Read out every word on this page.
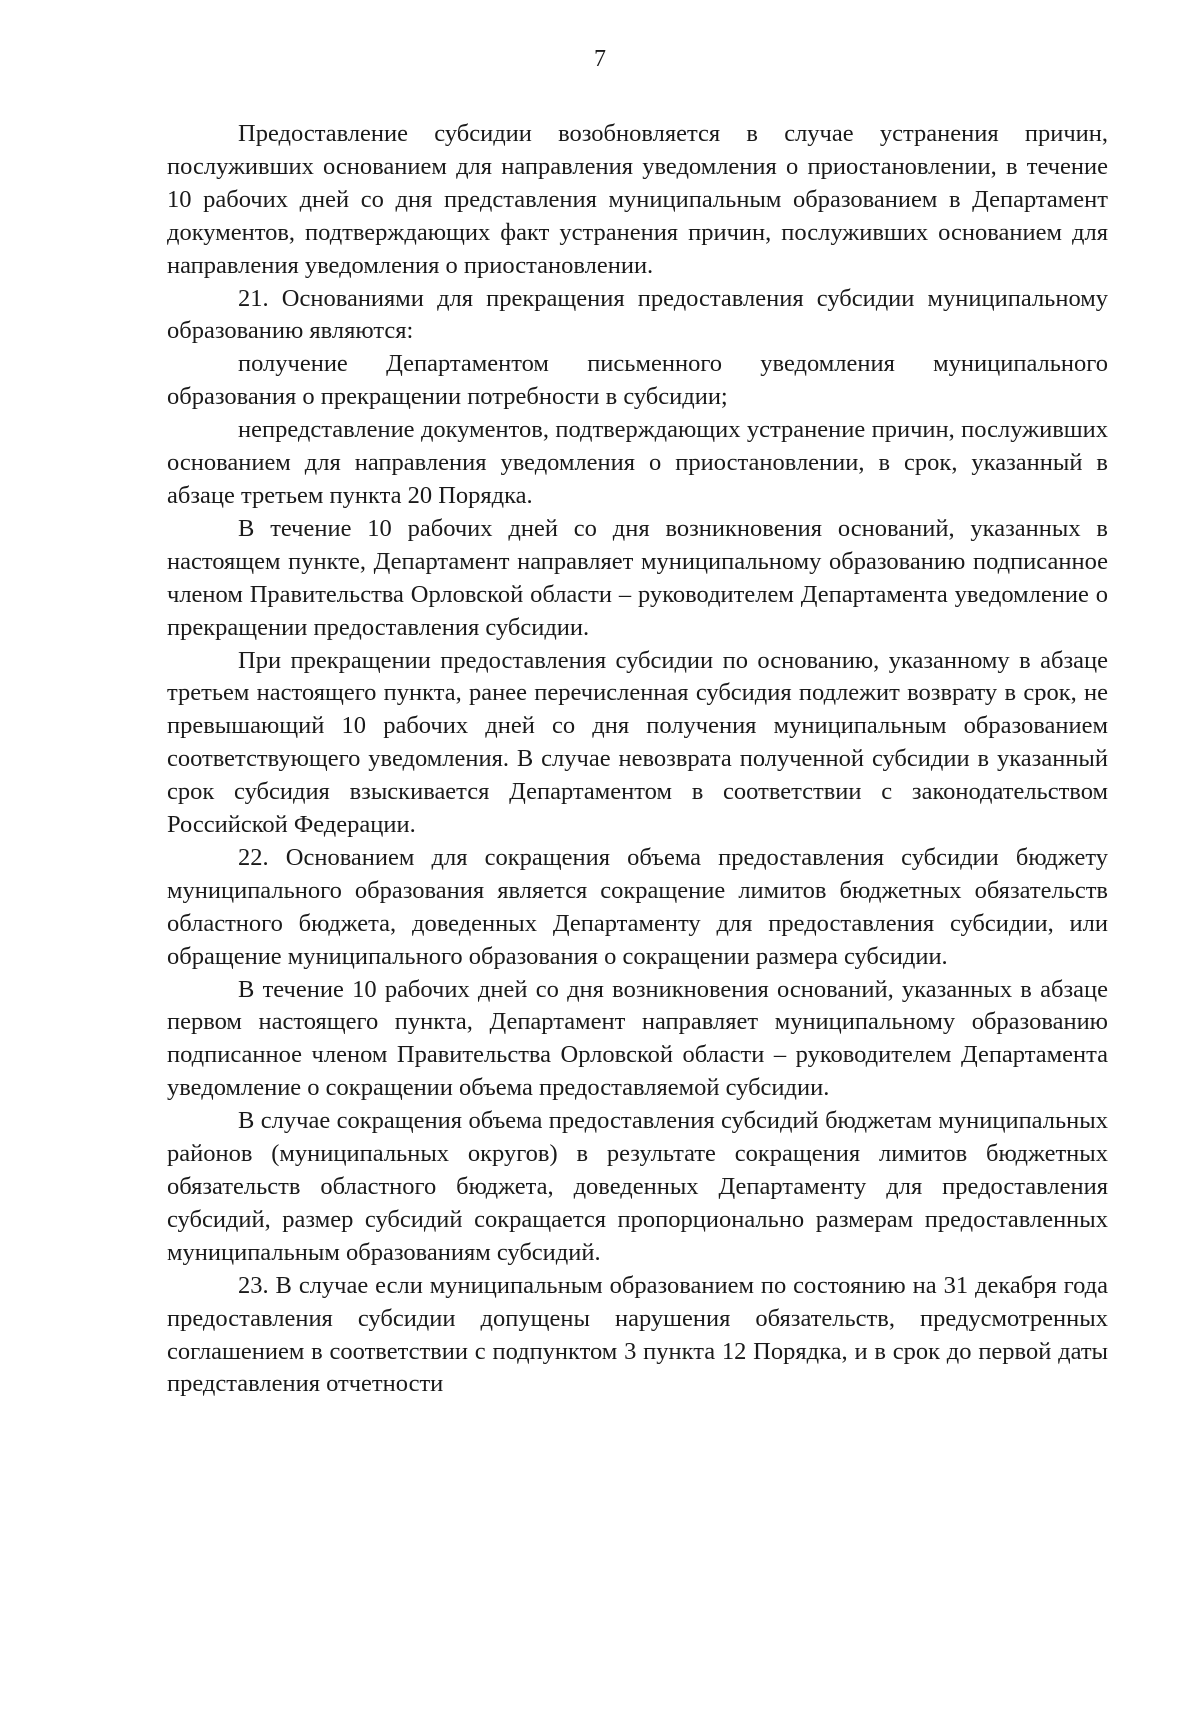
7

Предоставление субсидии возобновляется в случае устранения причин, послуживших основанием для направления уведомления о приостановлении, в течение 10 рабочих дней со дня представления муниципальным образованием в Департамент документов, подтверждающих факт устранения причин, послуживших основанием для направления уведомления о приостановлении.

21. Основаниями для прекращения предоставления субсидии муниципальному образованию являются:

получение Департаментом письменного уведомления муниципального образования о прекращении потребности в субсидии;

непредставление документов, подтверждающих устранение причин, послуживших основанием для направления уведомления о приостановлении, в срок, указанный в абзаце третьем пункта 20 Порядка.

В течение 10 рабочих дней со дня возникновения оснований, указанных в настоящем пункте, Департамент направляет муниципальному образованию подписанное членом Правительства Орловской области – руководителем Департамента уведомление о прекращении предоставления субсидии.

При прекращении предоставления субсидии по основанию, указанному в абзаце третьем настоящего пункта, ранее перечисленная субсидия подлежит возврату в срок, не превышающий 10 рабочих дней со дня получения муниципальным образованием соответствующего уведомления. В случае невозврата полученной субсидии в указанный срок субсидия взыскивается Департаментом в соответствии с законодательством Российской Федерации.

22. Основанием для сокращения объема предоставления субсидии бюджету муниципального образования является сокращение лимитов бюджетных обязательств областного бюджета, доведенных Департаменту для предоставления субсидии, или обращение муниципального образования о сокращении размера субсидии.

В течение 10 рабочих дней со дня возникновения оснований, указанных в абзаце первом настоящего пункта, Департамент направляет муниципальному образованию подписанное членом Правительства Орловской области – руководителем Департамента уведомление о сокращении объема предоставляемой субсидии.

В случае сокращения объема предоставления субсидий бюджетам муниципальных районов (муниципальных округов) в результате сокращения лимитов бюджетных обязательств областного бюджета, доведенных Департаменту для предоставления субсидий, размер субсидий сокращается пропорционально размерам предоставленных муниципальным образованиям субсидий.

23. В случае если муниципальным образованием по состоянию на 31 декабря года предоставления субсидии допущены нарушения обязательств, предусмотренных соглашением в соответствии с подпунктом 3 пункта 12 Порядка, и в срок до первой даты представления отчетности
